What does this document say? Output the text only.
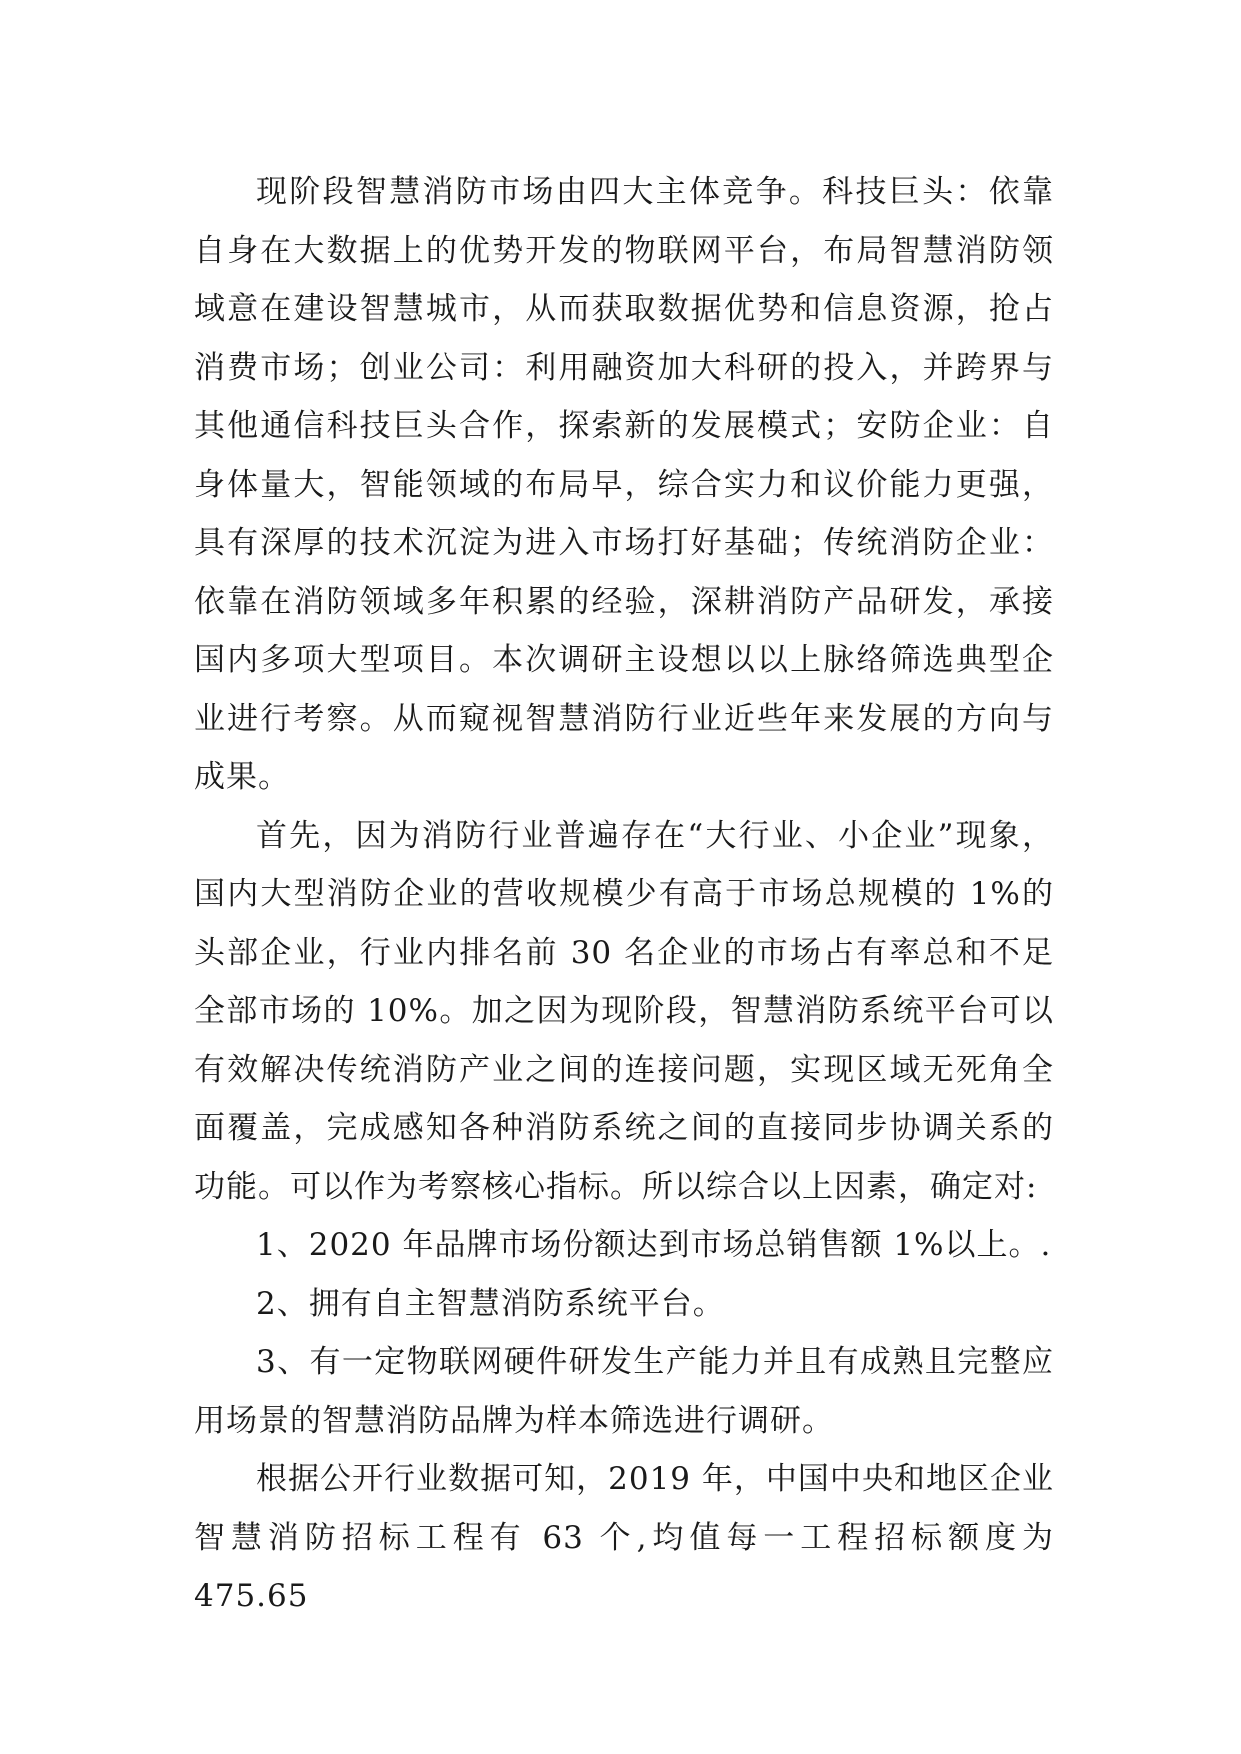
现阶段智慧消防市场由四大主体竞争。科技巨头：依靠自身在大数据上的优势开发的物联网平台，布局智慧消防领域意在建设智慧城市，从而获取数据优势和信息资源，抢占消费市场；创业公司：利用融资加大科研的投入，并跨界与其他通信科技巨头合作，探索新的发展模式；安防企业：自身体量大，智能领域的布局早，综合实力和议价能力更强，具有深厚的技术沉淀为进入市场打好基础；传统消防企业：依靠在消防领域多年积累的经验，深耕消防产品研发，承接国内多项大型项目。本次调研主设想以以上脉络筛选典型企业进行考察。从而窥视智慧消防行业近些年来发展的方向与成果。

首先，因为消防行业普遍存在“大行业、小企业”现象，国内大型消防企业的营收规模少有高于市场总规模的 1%的头部企业，行业内排名前 30 名企业的市场占有率总和不足全部市场的 10%。加之因为现阶段，智慧消防系统平台可以有效解决传统消防产业之间的连接问题，实现区域无死角全面覆盖，完成感知各种消防系统之间的直接同步协调关系的功能。可以作为考察核心指标。所以综合以上因素，确定对:

1、2020 年品牌市场份额达到市场总销售额 1%以上。.

2、拥有自主智慧消防系统平台。

3、有一定物联网硬件研发生产能力并且有成熟且完整应用场景的智慧消防品牌为样本筛选进行调研。

根据公开行业数据可知，2019 年，中国中央和地区企业智慧消防招标工程有 63 个,均值每一工程招标额度为 475.65
